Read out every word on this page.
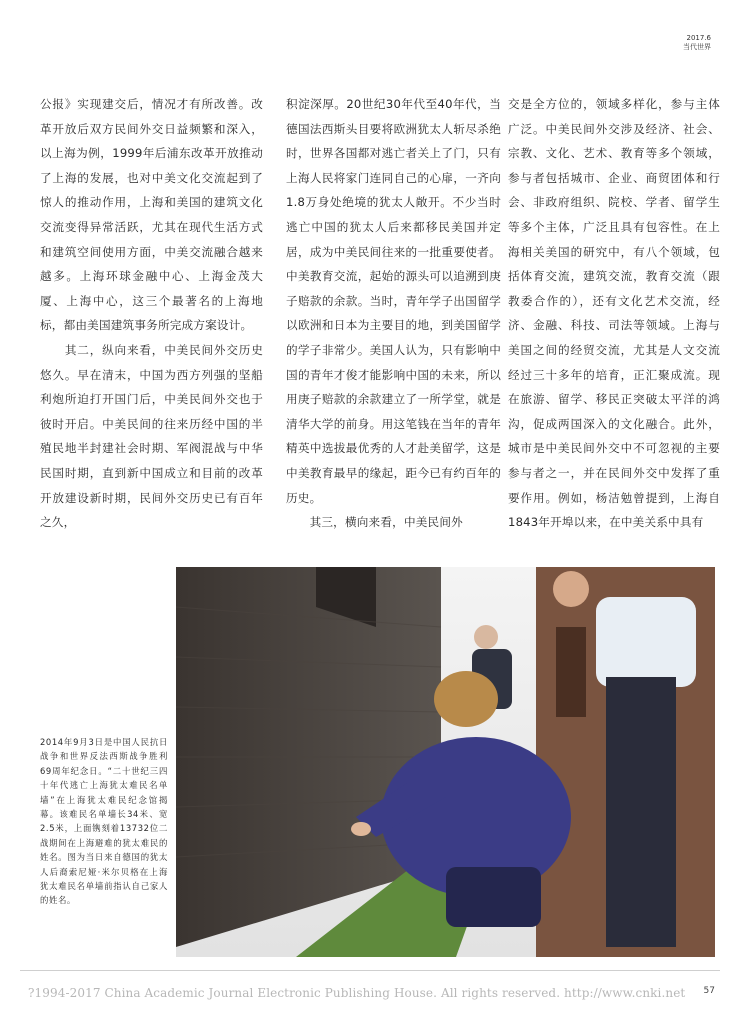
2017.6
当代世界

公报》实现建交后，情况才有所改善。改革开放后双方民间外交日益频繁和深入，以上海为例，1999年后浦东改革开放推动了上海的发展，也对中美文化交流起到了惊人的推动作用，上海和美国的建筑文化交流变得异常活跃，尤其在现代生活方式和建筑空间使用方面，中美交流融合越来越多。上海环球金融中心、上海金茂大厦、上海中心，这三个最著名的上海地标，都由美国建筑事务所完成方案设计。

　　其二，纵向来看，中美民间外交历史悠久。早在清末，中国为西方列强的坚船利炮所迫打开国门后，中美民间外交也于彼时开启。中美民间的往来历经中国的半殖民地半封建社会时期、军阀混战与中华民国时期，直到新中国成立和目前的改革开放建设新时期，民间外交历史已有百年之久，

积淀深厚。20世纪30年代至40年代，当德国法西斯头目要将欧洲犹太人斩尽杀绝时，世界各国都对逃亡者关上了门，只有上海人民将家门连同自己的心扉，一齐向1.8万身处绝境的犹太人敞开。不少当时逃亡中国的犹太人后来都移民美国并定居，成为中美民间往来的一批重要使者。中美教育交流，起始的源头可以追溯到庚子赔款的余款。当时，青年学子出国留学以欧洲和日本为主要目的地，到美国留学的学子非常少。美国人认为，只有影响中国的青年才俊才能影响中国的未来，所以用庚子赔款的余款建立了一所学堂，就是清华大学的前身。用这笔钱在当年的青年精英中选拔最优秀的人才赴美留学，这是中美教育最早的缘起，距今已有约百年的历史。

　　其三，横向来看，中美民间外

交是全方位的，领域多样化，参与主体广泛。中美民间外交涉及经济、社会、宗教、文化、艺术、教育等多个领域，参与者包括城市、企业、商贸团体和行会、非政府组织、院校、学者、留学生等多个主体，广泛且具有包容性。在上海相关美国的研究中，有八个领域，包括体育交流，建筑交流，教育交流（跟教委合作的），还有文化艺术交流，经济、金融、科技、司法等领域。上海与美国之间的经贸交流，尤其是人文交流经过三十多年的培育，正汇聚成流。现在旅游、留学、移民正突破太平洋的鸿沟，促成两国深入的文化融合。此外，城市是中美民间外交中不可忽视的主要参与者之一，并在民间外交中发挥了重要作用。例如，杨洁勉曾提到，上海自1843年开埠以来，在中美关系中具有

2014年9月3日是中国人民抗日战争和世界反法西斯战争胜利69周年纪念日。“二十世纪三四十年代逃亡上海犹太难民名单墙”在上海犹太难民纪念馆揭幕。该难民名单墙长34米、宽2.5米，上面镌刻着13732位二战期间在上海避难的犹太难民的姓名。图为当日来自德国的犹太人后裔索尼娅·米尔贝格在上海犹太难民名单墙前指认自己家人的姓名。
?1994-2017 China Academic Journal Electronic Publishing House. All rights reserved. http://www.cnki.net 57
